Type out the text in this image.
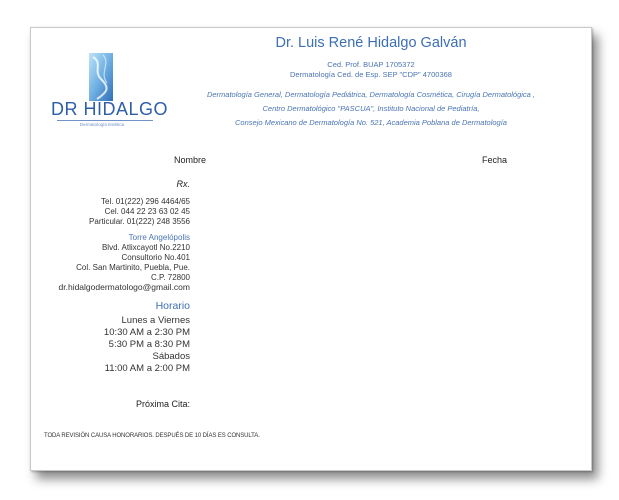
DR HIDALGO
Dermatología Estética
Dr. Luis René Hidalgo Galván
Ced. Prof. BUAP 1705372
Dermatología Ced. de Esp. SEP "CDP" 4700368
Dermatología General, Dermatología Pediátrica, Dermatología Cosmética, Cirugía Dermatológica ,
Centro Dermatológico "PASCUA", Instituto Nacional de Pediatría,
Consejo Mexicano de Dermatología No. 521, Academia Poblana de Dermatología
Nombre	Fecha
Rx.
Tel. 01(222) 296 4464/65
Cel. 044 22 23 63 02 45
Particular. 01(222) 248 3556
Torre Angelópolis
Blvd. Atlixcayotl No.2210
Consultorio No.401
Col. San Martinito, Puebla, Pue.
C.P. 72800
dr.hidalgodermatologo@gmail.com
Horario
Lunes a Viernes
10:30 AM a 2:30 PM
5:30 PM a 8:30 PM
Sábados
11:00 AM a 2:00 PM
Próxima Cita:
TODA REVISIÓN CAUSA HONORARIOS. DESPUÉS DE 10 DÍAS ES CONSULTA.
